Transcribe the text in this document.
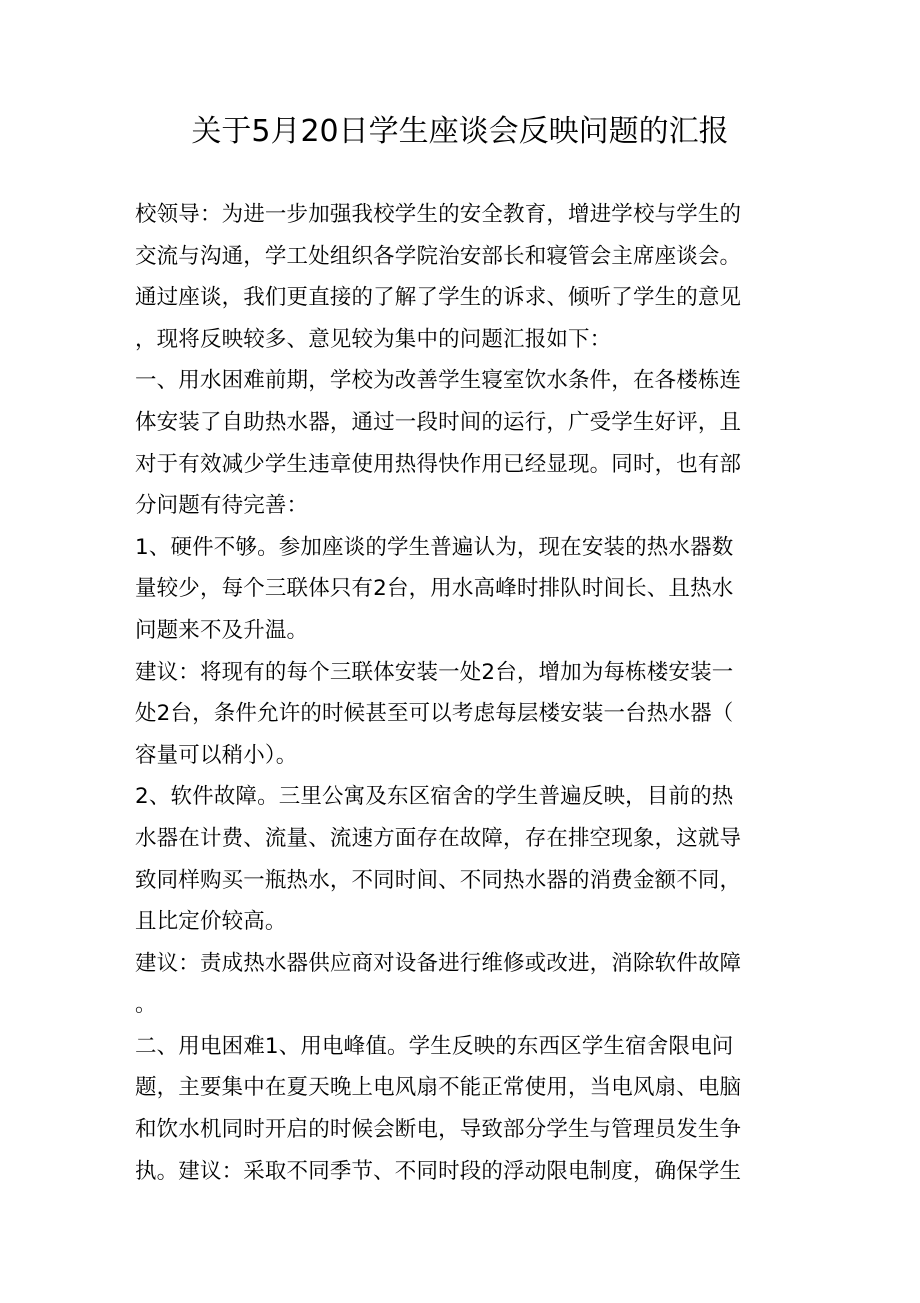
关于5月20日学生座谈会反映问题的汇报
校领导：为进一步加强我校学生的安全教育，增进学校与学生的
交流与沟通，学工处组织各学院治安部长和寝管会主席座谈会。
通过座谈，我们更直接的了解了学生的诉求、倾听了学生的意见
，现将反映较多、意见较为集中的问题汇报如下：
一、用水困难前期，学校为改善学生寝室饮水条件，在各楼栋连
体安装了自助热水器，通过一段时间的运行，广受学生好评，且
对于有效减少学生违章使用热得快作用已经显现。同时，也有部
分问题有待完善：
1、硬件不够。参加座谈的学生普遍认为，现在安装的热水器数
量较少，每个三联体只有2台，用水高峰时排队时间长、且热水
问题来不及升温。
建议：将现有的每个三联体安装一处2台，增加为每栋楼安装一
处2台，条件允许的时候甚至可以考虑每层楼安装一台热水器（
容量可以稍小）。
2、软件故障。三里公寓及东区宿舍的学生普遍反映，目前的热
水器在计费、流量、流速方面存在故障，存在排空现象，这就导
致同样购买一瓶热水，不同时间、不同热水器的消费金额不同，
且比定价较高。
建议：责成热水器供应商对设备进行维修或改进，消除软件故障
。
二、用电困难1、用电峰值。学生反映的东西区学生宿舍限电问
题，主要集中在夏天晚上电风扇不能正常使用，当电风扇、电脑
和饮水机同时开启的时候会断电，导致部分学生与管理员发生争
执。建议：采取不同季节、不同时段的浮动限电制度，确保学生
